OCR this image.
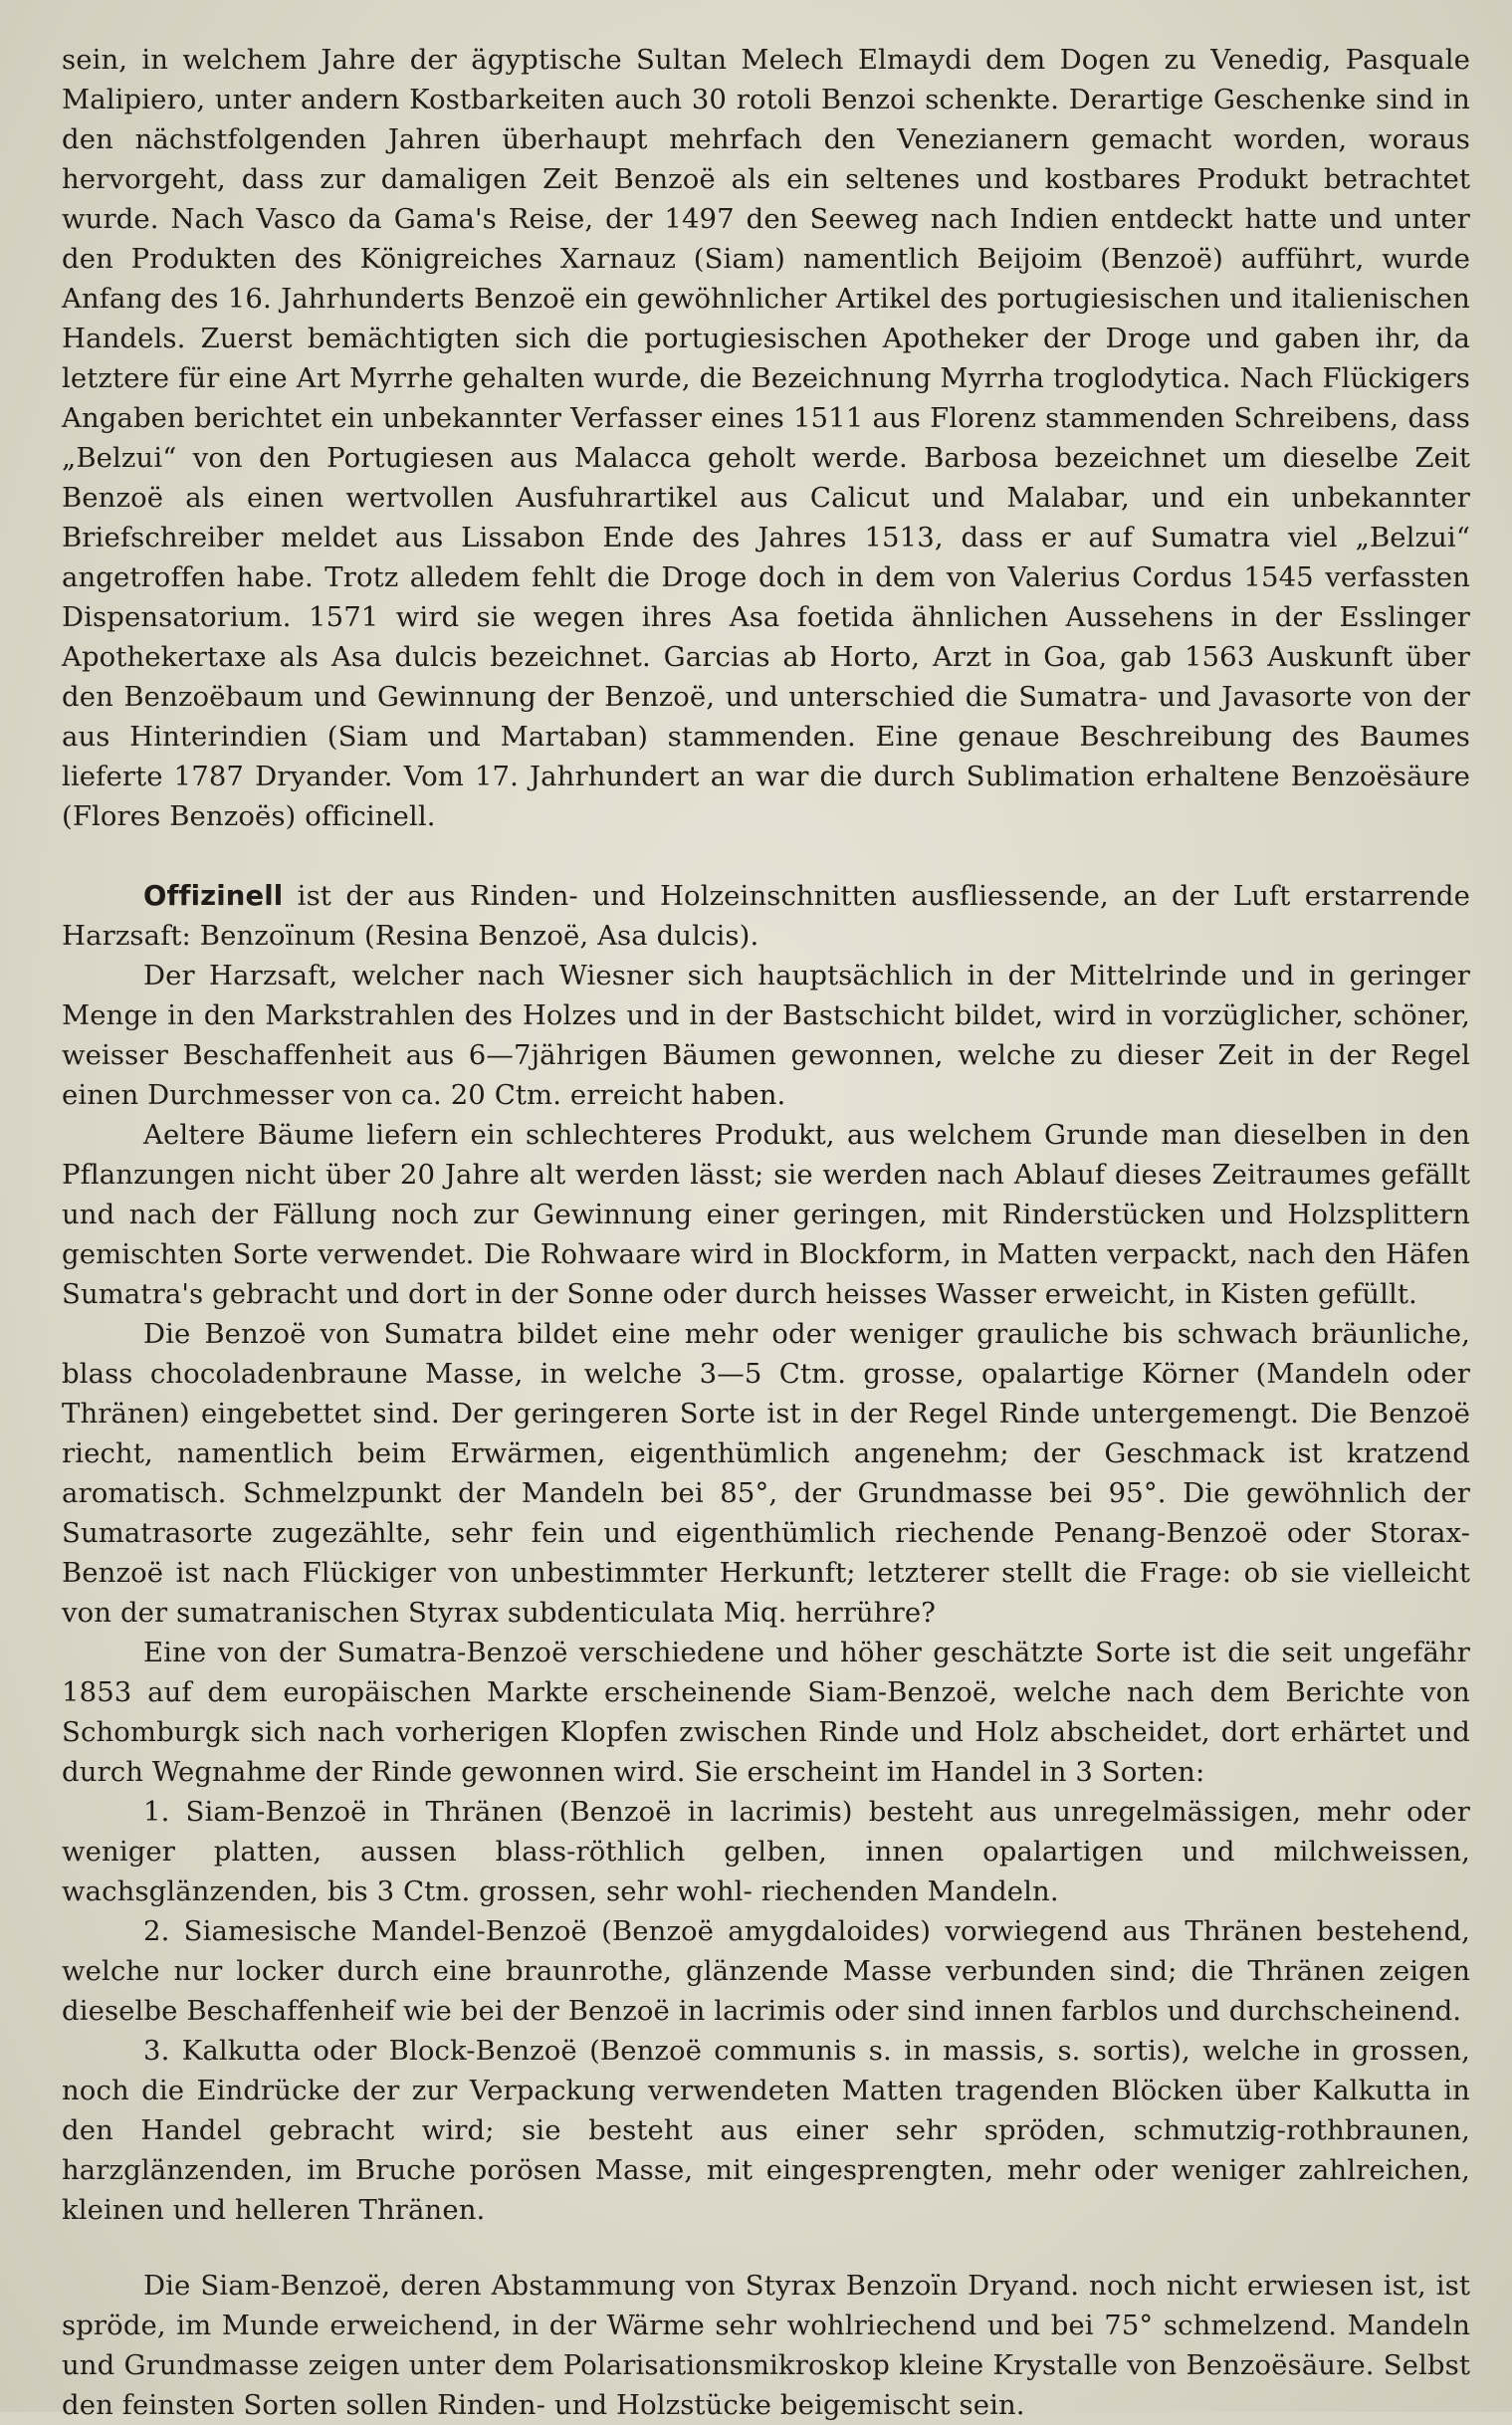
sein, in welchem Jahre der ägyptische Sultan Melech Elmaydi dem Dogen zu Venedig, Pasquale Malipiero, unter andern Kostbarkeiten auch 30 rotoli Benzoi schenkte. Derartige Geschenke sind in den nächstfolgenden Jahren überhaupt mehrfach den Venezianern gemacht worden, woraus hervorgeht, dass zur damaligen Zeit Benzoë als ein seltenes und kostbares Produkt betrachtet wurde. Nach Vasco da Gama's Reise, der 1497 den Seeweg nach Indien entdeckt hatte und unter den Produkten des Königreiches Xarnauz (Siam) namentlich Beijoim (Benzoë) aufführt, wurde Anfang des 16. Jahrhunderts Benzoë ein gewöhnlicher Artikel des portugiesischen und italienischen Handels. Zuerst bemächtigten sich die portugiesischen Apotheker der Droge und gaben ihr, da letztere für eine Art Myrrhe gehalten wurde, die Bezeichnung Myrrha troglodytica. Nach Flückigers Angaben berichtet ein unbekannter Verfasser eines 1511 aus Florenz stammenden Schreibens, dass „Belzui“ von den Portugiesen aus Malacca geholt werde. Barbosa bezeichnet um dieselbe Zeit Benzoë als einen wertvollen Ausfuhrartikel aus Calicut und Malabar, und ein unbekannter Briefschreiber meldet aus Lissabon Ende des Jahres 1513, dass er auf Sumatra viel „Belzui“ angetroffen habe. Trotz alledem fehlt die Droge doch in dem von Valerius Cordus 1545 verfassten Dispensatorium. 1571 wird sie wegen ihres Asa foetida ähnlichen Aussehens in der Esslinger Apothekertaxe als Asa dulcis bezeichnet. Garcias ab Horto, Arzt in Goa, gab 1563 Auskunft über den Benzoëbaum und Gewinnung der Benzoë, und unterschied die Sumatra- und Javasorte von der aus Hinterindien (Siam und Martaban) stammenden. Eine genaue Beschreibung des Baumes lieferte 1787 Dryander. Vom 17. Jahrhundert an war die durch Sublimation erhaltene Benzoësäure (Flores Benzoës) officinell.

Offizinell ist der aus Rinden- und Holzeinschnitten ausfliessende, an der Luft erstarrende Harzsaft: Benzoïnum (Resina Benzoë, Asa dulcis).

Der Harzsaft, welcher nach Wiesner sich hauptsächlich in der Mittelrinde und in geringer Menge in den Markstrahlen des Holzes und in der Bastschicht bildet, wird in vorzüglicher, schöner, weisser Beschaffenheit aus 6—7jährigen Bäumen gewonnen, welche zu dieser Zeit in der Regel einen Durchmesser von ca. 20 Ctm. erreicht haben.

Aeltere Bäume liefern ein schlechteres Produkt, aus welchem Grunde man dieselben in den Pflanzungen nicht über 20 Jahre alt werden lässt; sie werden nach Ablauf dieses Zeitraumes gefällt und nach der Fällung noch zur Gewinnung einer geringen, mit Rinderstücken und Holzsplittern gemischten Sorte verwendet. Die Rohwaare wird in Blockform, in Matten verpackt, nach den Häfen Sumatra's gebracht und dort in der Sonne oder durch heisses Wasser erweicht, in Kisten gefüllt.

Die Benzoë von Sumatra bildet eine mehr oder weniger grauliche bis schwach bräunliche, blass chocoladenbraune Masse, in welche 3—5 Ctm. grosse, opalartige Körner (Mandeln oder Thränen) eingebettet sind. Der geringeren Sorte ist in der Regel Rinde untergemengt. Die Benzoë riecht, namentlich beim Erwärmen, eigenthümlich angenehm; der Geschmack ist kratzend aromatisch. Schmelzpunkt der Mandeln bei 85°, der Grundmasse bei 95°. Die gewöhnlich der Sumatrasorte zugezählte, sehr fein und eigenthümlich riechende Penang-Benzoë oder Storax-Benzoë ist nach Flückiger von unbestimmter Herkunft; letzterer stellt die Frage: ob sie vielleicht von der sumatranischen Styrax subdenticulata Miq. herrühre?

Eine von der Sumatra-Benzoë verschiedene und höher geschätzte Sorte ist die seit ungefähr 1853 auf dem europäischen Markte erscheinende Siam-Benzoë, welche nach dem Berichte von Schomburgk sich nach vorherigen Klopfen zwischen Rinde und Holz abscheidet, dort erhärtet und durch Wegnahme der Rinde gewonnen wird. Sie erscheint im Handel in 3 Sorten:

1. Siam-Benzoë in Thränen (Benzoë in lacrimis) besteht aus unregelmässigen, mehr oder weniger platten, aussen blass-röthlich gelben, innen opalartigen und milchweissen, wachsglänzenden, bis 3 Ctm. grossen, sehr wohl- riechenden Mandeln.

2. Siamesische Mandel-Benzoë (Benzoë amygdaloides) vorwiegend aus Thränen bestehend, welche nur locker durch eine braunrothe, glänzende Masse verbunden sind; die Thränen zeigen dieselbe Beschaffenheif wie bei der Benzoë in lacrimis oder sind innen farblos und durchscheinend.

3. Kalkutta oder Block-Benzoë (Benzoë communis s. in massis, s. sortis), welche in grossen, noch die Eindrücke der zur Verpackung verwendeten Matten tragenden Blöcken über Kalkutta in den Handel gebracht wird; sie besteht aus einer sehr spröden, schmutzig-rothbraunen, harzglänzenden, im Bruche porösen Masse, mit eingesprengten, mehr oder weniger zahlreichen, kleinen und helleren Thränen.

Die Siam-Benzoë, deren Abstammung von Styrax Benzoïn Dryand. noch nicht erwiesen ist, ist spröde, im Munde erweichend, in der Wärme sehr wohlriechend und bei 75° schmelzend. Mandeln und Grundmasse zeigen unter dem Polarisationsmikroskop kleine Krystalle von Benzoësäure. Selbst den feinsten Sorten sollen Rinden- und Holzstücke beigemischt sein.
